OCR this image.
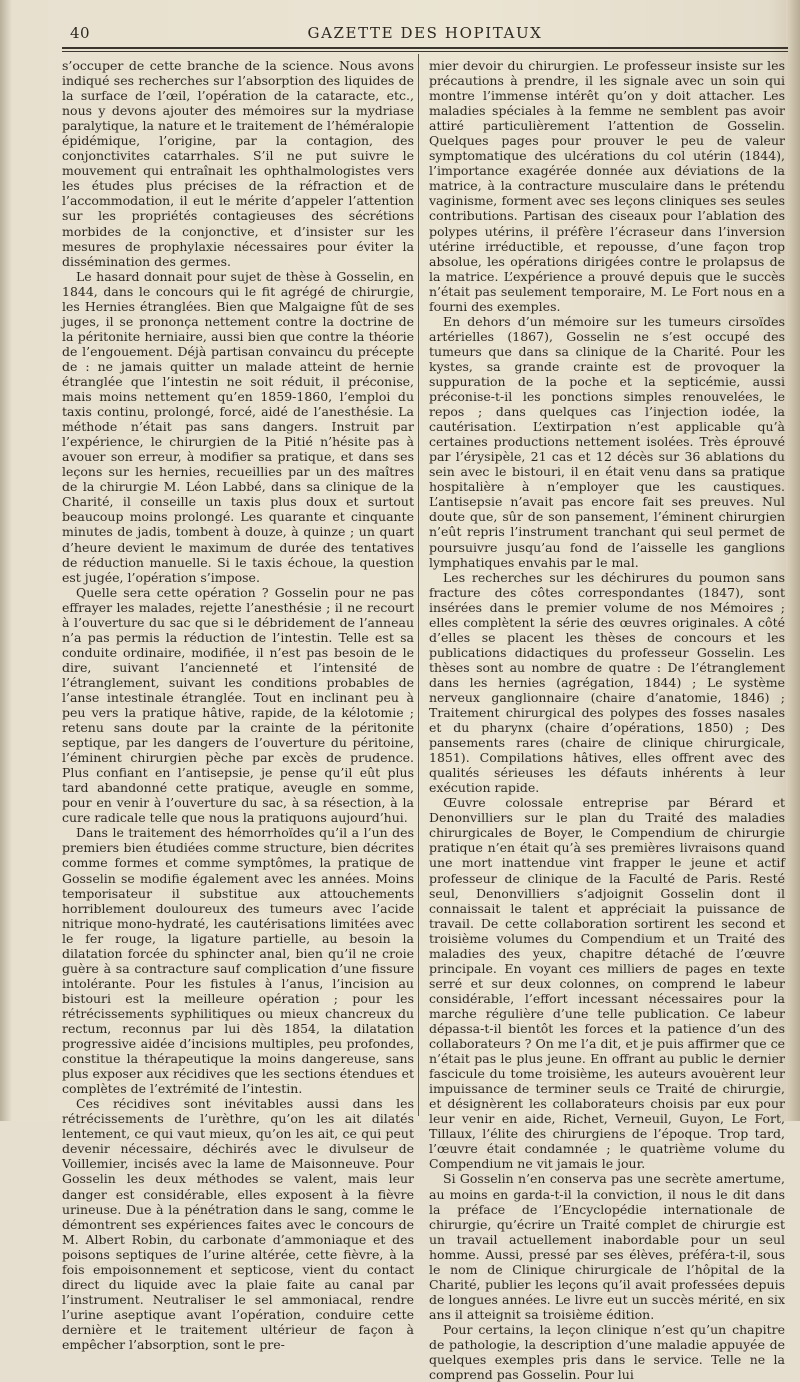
40	GAZETTE DES HOPITAUX

s’occuper de cette branche de la science. Nous avons indiqué ses recherches sur l’absorption des liquides de la surface de l’œil, l’opération de la cataracte, etc., nous y devons ajouter des mémoires sur la mydriase paralytique, la nature et le traitement de l’héméralopie épidémique, l’origine, par la contagion, des conjonctivites catarrhales. S’il ne put suivre le mouvement qui entraînait les ophthalmologistes vers les études plus précises de la réfraction et de l’accommodation, il eut le mérite d’appeler l’attention sur les propriétés contagieuses des sécrétions morbides de la conjonctive, et d’insister sur les mesures de prophylaxie nécessaires pour éviter la dissémination des germes.

Le hasard donnait pour sujet de thèse à Gosselin, en 1844, dans le concours qui le fit agrégé de chirurgie, les Hernies étranglées. Bien que Malgaigne fût de ses juges, il se prononça nettement contre la doctrine de la péritonite herniaire, aussi bien que contre la théorie de l’engouement. Déjà partisan convaincu du précepte de : ne jamais quitter un malade atteint de hernie étranglée que l’intestin ne soit réduit, il préconise, mais moins nettement qu’en 1859-1860, l’emploi du taxis continu, prolongé, forcé, aidé de l’anesthésie. La méthode n’était pas sans dangers. Instruit par l’expérience, le chirurgien de la Pitié n’hésite pas à avouer son erreur, à modifier sa pratique, et dans ses leçons sur les hernies, recueillies par un des maîtres de la chirurgie M. Léon Labbé, dans sa clinique de la Charité, il conseille un taxis plus doux et surtout beaucoup moins prolongé. Les quarante et cinquante minutes de jadis, tombent à douze, à quinze ; un quart d’heure devient le maximum de durée des tentatives de réduction manuelle. Si le taxis échoue, la question est jugée, l’opération s’impose.

Quelle sera cette opération ? Gosselin pour ne pas effrayer les malades, rejette l’anesthésie ; il ne recourt à l’ouverture du sac que si le débridement de l’anneau n’a pas permis la réduction de l’intestin. Telle est sa conduite ordinaire, modifiée, il n’est pas besoin de le dire, suivant l’ancienneté et l’intensité de l’étranglement, suivant les conditions probables de l’anse intestinale étranglée. Tout en inclinant peu à peu vers la pratique hâtive, rapide, de la kélotomie ; retenu sans doute par la crainte de la péritonite septique, par les dangers de l’ouverture du péritoine, l’éminent chirurgien pèche par excès de prudence. Plus confiant en l’antisepsie, je pense qu’il eût plus tard abandonné cette pratique, aveugle en somme, pour en venir à l’ouverture du sac, à sa résection, à la cure radicale telle que nous la pratiquons aujourd’hui.

Dans le traitement des hémorrhoïdes qu’il a l’un des premiers bien étudiées comme structure, bien décrites comme formes et comme symptômes, la pratique de Gosselin se modifie également avec les années. Moins temporisateur il substitue aux attouchements horriblement douloureux des tumeurs avec l’acide nitrique mono-hydraté, les cautérisations limitées avec le fer rouge, la ligature partielle, au besoin la dilatation forcée du sphincter anal, bien qu’il ne croie guère à sa contracture sauf complication d’une fissure intolérante. Pour les fistules à l’anus, l’incision au bistouri est la meilleure opération ; pour les rétrécissements syphilitiques ou mieux chancreux du rectum, reconnus par lui dès 1854, la dilatation progressive aidée d’incisions multiples, peu profondes, constitue la thérapeutique la moins dangereuse, sans plus exposer aux récidives que les sections étendues et complètes de l’extrémité de l’intestin.

Ces récidives sont inévitables aussi dans les rétrécissements de l’urèthre, qu’on les ait dilatés lentement, ce qui vaut mieux, qu’on les ait, ce qui peut devenir nécessaire, déchirés avec le divulseur de Voillemier, incisés avec la lame de Maisonneuve. Pour Gosselin les deux méthodes se valent, mais leur danger est considérable, elles exposent à la fièvre urineuse. Due à la pénétration dans le sang, comme le démontrent ses expériences faites avec le concours de M. Albert Robin, du carbonate d’ammoniaque et des poisons septiques de l’urine altérée, cette fièvre, à la fois empoisonnement et septicose, vient du contact direct du liquide avec la plaie faite au canal par l’instrument. Neutraliser le sel ammoniacal, rendre l’urine aseptique avant l’opération, conduire cette dernière et le traitement ultérieur de façon à empêcher l’absorption, sont le pre-

mier devoir du chirurgien. Le professeur insiste sur les précautions à prendre, il les signale avec un soin qui montre l’immense intérêt qu’on y doit attacher. Les maladies spéciales à la femme ne semblent pas avoir attiré particulièrement l’attention de Gosselin. Quelques pages pour prouver le peu de valeur symptomatique des ulcérations du col utérin (1844), l’importance exagérée donnée aux déviations de la matrice, à la contracture musculaire dans le prétendu vaginisme, forment avec ses leçons cliniques ses seules contributions. Partisan des ciseaux pour l’ablation des polypes utérins, il préfère l’écraseur dans l’inversion utérine irréductible, et repousse, d’une façon trop absolue, les opérations dirigées contre le prolapsus de la matrice. L’expérience a prouvé depuis que le succès n’était pas seulement temporaire, M. Le Fort nous en a fourni des exemples.

En dehors d’un mémoire sur les tumeurs cirsoïdes artérielles (1867), Gosselin ne s’est occupé des tumeurs que dans sa clinique de la Charité. Pour les kystes, sa grande crainte est de provoquer la suppuration de la poche et la septicémie, aussi préconise-t-il les ponctions simples renouvelées, le repos ; dans quelques cas l’injection iodée, la cautérisation. L’extirpation n’est applicable qu’à certaines productions nettement isolées. Très éprouvé par l’érysipèle, 21 cas et 12 décès sur 36 ablations du sein avec le bistouri, il en était venu dans sa pratique hospitalière à n’employer que les caustiques. L’antisepsie n’avait pas encore fait ses preuves. Nul doute que, sûr de son pansement, l’éminent chirurgien n’eût repris l’instrument tranchant qui seul permet de poursuivre jusqu’au fond de l’aisselle les ganglions lymphatiques envahis par le mal.

Les recherches sur les déchirures du poumon sans fracture des côtes correspondantes (1847), sont insérées dans le premier volume de nos Mémoires ; elles complètent la série des œuvres originales. A côté d’elles se placent les thèses de concours et les publications didactiques du professeur Gosselin. Les thèses sont au nombre de quatre : De l’étranglement dans les hernies (agrégation, 1844) ; Le système nerveux ganglionnaire (chaire d’anatomie, 1846) ; Traitement chirurgical des polypes des fosses nasales et du pharynx (chaire d’opérations, 1850) ; Des pansements rares (chaire de clinique chirurgicale, 1851). Compilations hâtives, elles offrent avec des qualités sérieuses les défauts inhérents à leur exécution rapide.

Œuvre colossale entreprise par Bérard et Denonvilliers sur le plan du Traité des maladies chirurgicales de Boyer, le Compendium de chirurgie pratique n’en était qu’à ses premières livraisons quand une mort inattendue vint frapper le jeune et actif professeur de clinique de la Faculté de Paris. Resté seul, Denonvilliers s’adjoignit Gosselin dont il connaissait le talent et appréciait la puissance de travail. De cette collaboration sortirent les second et troisième volumes du Compendium et un Traité des maladies des yeux, chapitre détaché de l’œuvre principale. En voyant ces milliers de pages en texte serré et sur deux colonnes, on comprend le labeur considérable, l’effort incessant nécessaires pour la marche régulière d’une telle publication. Ce labeur dépassa-t-il bientôt les forces et la patience d’un des collaborateurs ? On me l’a dit, et je puis affirmer que ce n’était pas le plus jeune. En offrant au public le dernier fascicule du tome troisième, les auteurs avouèrent leur impuissance de terminer seuls ce Traité de chirurgie, et désignèrent les collaborateurs choisis par eux pour leur venir en aide, Richet, Verneuil, Guyon, Le Fort, Tillaux, l’élite des chirurgiens de l’époque. Trop tard, l’œuvre était condamnée ; le quatrième volume du Compendium ne vit jamais le jour.

Si Gosselin n’en conserva pas une secrète amertume, au moins en garda-t-il la conviction, il nous le dit dans la préface de l’Encyclopédie internationale de chirurgie, qu’écrire un Traité complet de chirurgie est un travail actuellement inabordable pour un seul homme. Aussi, pressé par ses élèves, préféra-t-il, sous le nom de Clinique chirurgicale de l’hôpital de la Charité, publier les leçons qu’il avait professées depuis de longues années. Le livre eut un succès mérité, en six ans il atteignit sa troisième édition.

Pour certains, la leçon clinique n’est qu’un chapitre de pathologie, la description d’une maladie appuyée de quelques exemples pris dans le service. Telle ne la comprend pas Gosselin. Pour lui
